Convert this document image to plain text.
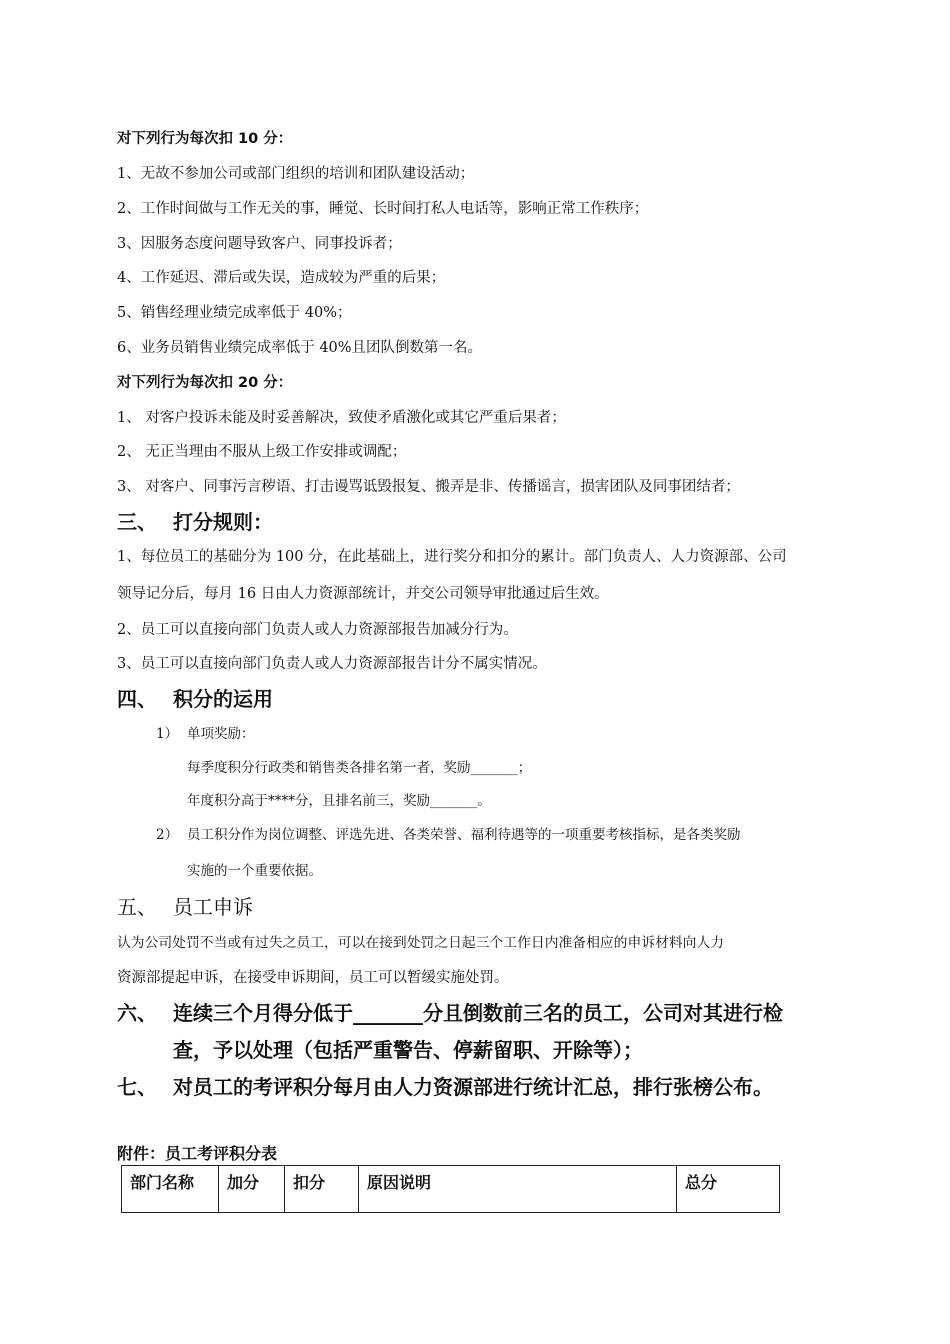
对下列行为每次扣 10 分：
1、无故不参加公司或部门组织的培训和团队建设活动；
2、工作时间做与工作无关的事，睡觉、长时间打私人电话等，影响正常工作秩序；
3、因服务态度问题导致客户、同事投诉者；
4、工作延迟、滞后或失误，造成较为严重的后果；
5、销售经理业绩完成率低于 40%；
6、业务员销售业绩完成率低于 40%且团队倒数第一名。
对下列行为每次扣 20 分：
1、 对客户投诉未能及时妥善解决，致使矛盾激化或其它严重后果者；
2、 无正当理由不服从上级工作安排或调配；
3、 对客户、同事污言秽语、打击谩骂诋毁报复、搬弄是非、传播谣言，损害团队及同事团结者；
三、 打分规则：
1、每位员工的基础分为 100 分，在此基础上，进行奖分和扣分的累计。部门负责人、人力资源部、公司
领导记分后，每月 16 日由人力资源部统计，并交公司领导审批通过后生效。
2、员工可以直接向部门负责人或人力资源部报告加减分行为。
3、员工可以直接向部门负责人或人力资源部报告计分不属实情况。
四、 积分的运用
1） 单项奖励：
每季度积分行政类和销售类各排名第一者，奖励_______；
年度积分高于****分，且排名前三，奖励_______。
2） 员工积分作为岗位调整、评选先进、各类荣誉、福利待遇等的一项重要考核指标，是各类奖励
实施的一个重要依据。
五、 员工申诉
认为公司处罚不当或有过失之员工，可以在接到处罚之日起三个工作日内准备相应的申诉材料向人力
资源部提起申诉，在接受申诉期间，员工可以暂缓实施处罚。
六、 连续三个月得分低于_______分且倒数前三名的员工，公司对其进行检
查，予以处理（包括严重警告、停薪留职、开除等）；
七、 对员工的考评积分每月由人力资源部进行统计汇总，排行张榜公布。
附件：员工考评积分表
部门名称	加分	扣分	原因说明	总分
